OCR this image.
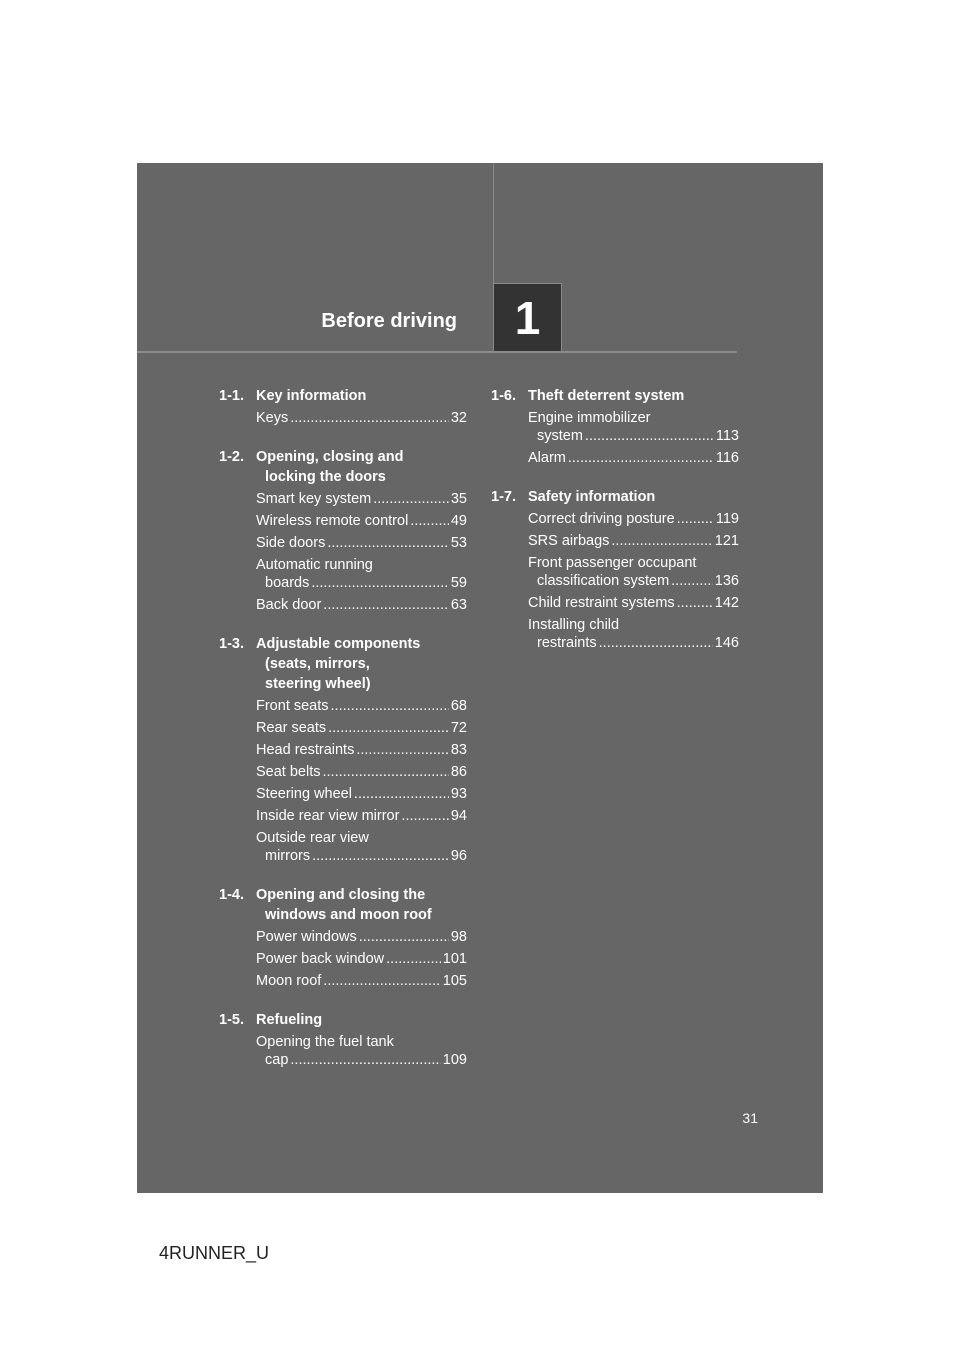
Before driving 1
1-1. Key information
Keys .....	32
1-2. Opening, closing and

locking the doors
Smart key system .....	35
Wireless remote control .....	49
Side doors .....	53
Automatic running
boards .....	59
Back door .....	63
1-3. Adjustable components

(seats, mirrors,
steering wheel)
Front seats .....	68
Rear seats .....	72
Head restraints .....	83
Seat belts .....	86
Steering wheel .....	93
Inside rear view mirror .....	94
Outside rear view
mirrors .....	96
1-4. Opening and closing the

windows and moon roof
Power windows .....	98
Power back window .....	101
Moon roof .....	105
1-5. Refueling
Opening the fuel tank
cap .....	109
1-6. Theft deterrent system
Engine immobilizer
system .....	113
Alarm .....	116
1-7. Safety information
Correct driving posture .....	119
SRS airbags .....	121
Front passenger occupant
classification system .....	136
Child restraint systems .....	142
Installing child
restraints .....	146
31
4RUNNER_U
